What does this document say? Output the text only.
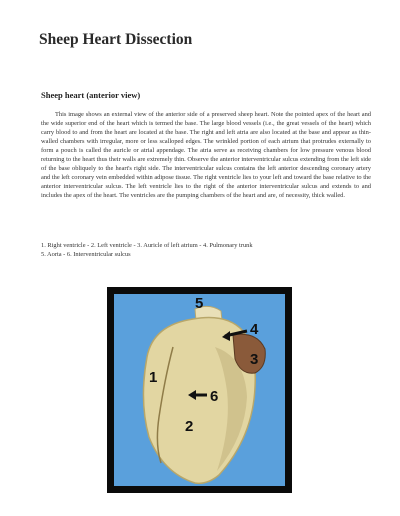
Sheep Heart Dissection
Sheep heart (anterior view)

This image shows an external view of the anterior side of a preserved sheep heart. Note the pointed apex of the heart and the wide superior end of the heart which is termed the base. The large blood vessels (i.e., the great vessels of the heart) which carry blood to and from the heart are located at the base. The right and left atria are also located at the base and appear as thin-walled chambers with irregular, more or less scalloped edges. The wrinkled portion of each atrium that protrudes externally to form a pouch is called the auricle or atrial appendage. The atria serve as receiving chambers for low pressure venous blood returning to the heart thus their walls are extremely thin. Observe the anterior interventricular sulcus extending from the left side of the base obliquely to the heart's right side. The interventricular sulcus contains the left anterior descending coronary artery and the left coronary vein embedded within adipose tissue. The right ventricle lies to your left and toward the base relative to the anterior interventricular sulcus. The left ventricle lies to the right of the anterior interventricular sulcus and extends to and includes the apex of the heart. The ventricles are the pumping chambers of the heart and are, of necessity, thick walled.

1. Right ventricle - 2. Left ventricle - 3. Auricle of left atrium - 4. Pulmonary trunk
5. Aorta - 6. Interventricular sulcus
5
4
3
1
6
2
